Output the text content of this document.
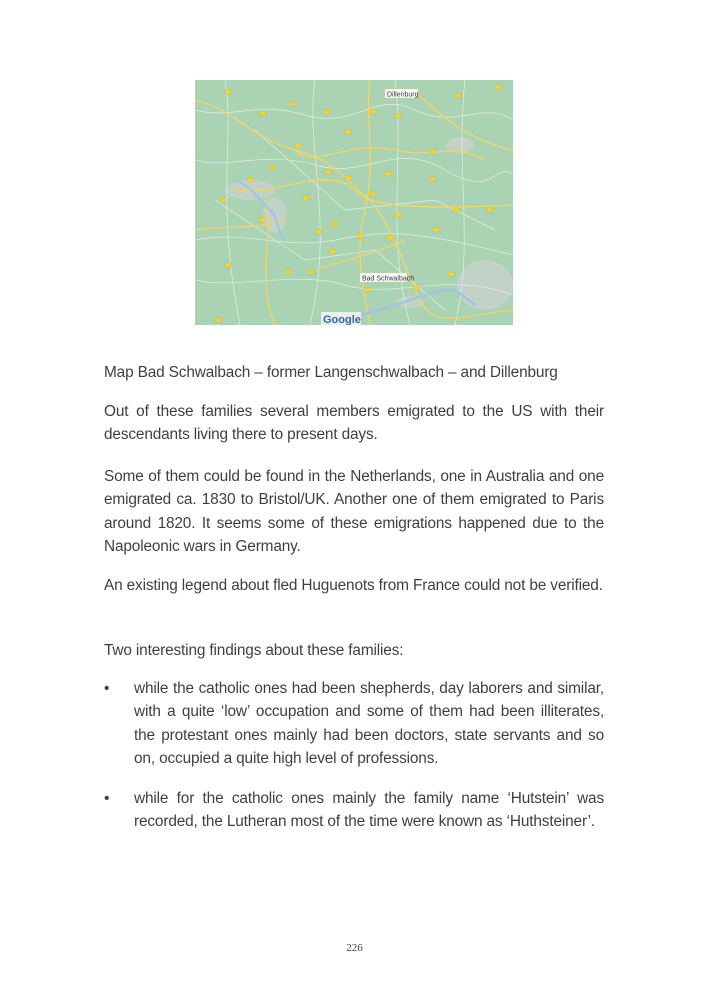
Dillenburg
Bad Schwalbach
Google
Map Bad Schwalbach – former Langenschwalbach – and Dillenburg
Out of these families several members emigrated to the US with their descendants living there to present days.
Some of them could be found in the Netherlands, one in Australia and one emigrated ca. 1830 to Bristol/UK. Another one of them emigrated to Paris around 1820. It seems some of these emigrations happened due to the Napoleonic wars in Germany.
An existing legend about fled Huguenots from France could not be verified.
Two interesting findings about these families:
•	while the catholic ones had been shepherds, day laborers and similar, with a quite ‘low’ occupation and some of them had been illiterates, the protestant ones mainly had been doctors, state servants and so on, occupied a quite high level of professions.
•	while for the catholic ones mainly the family name ‘Hutstein’ was recorded, the Lutheran most of the time were known as ‘Huthsteiner’.
226
